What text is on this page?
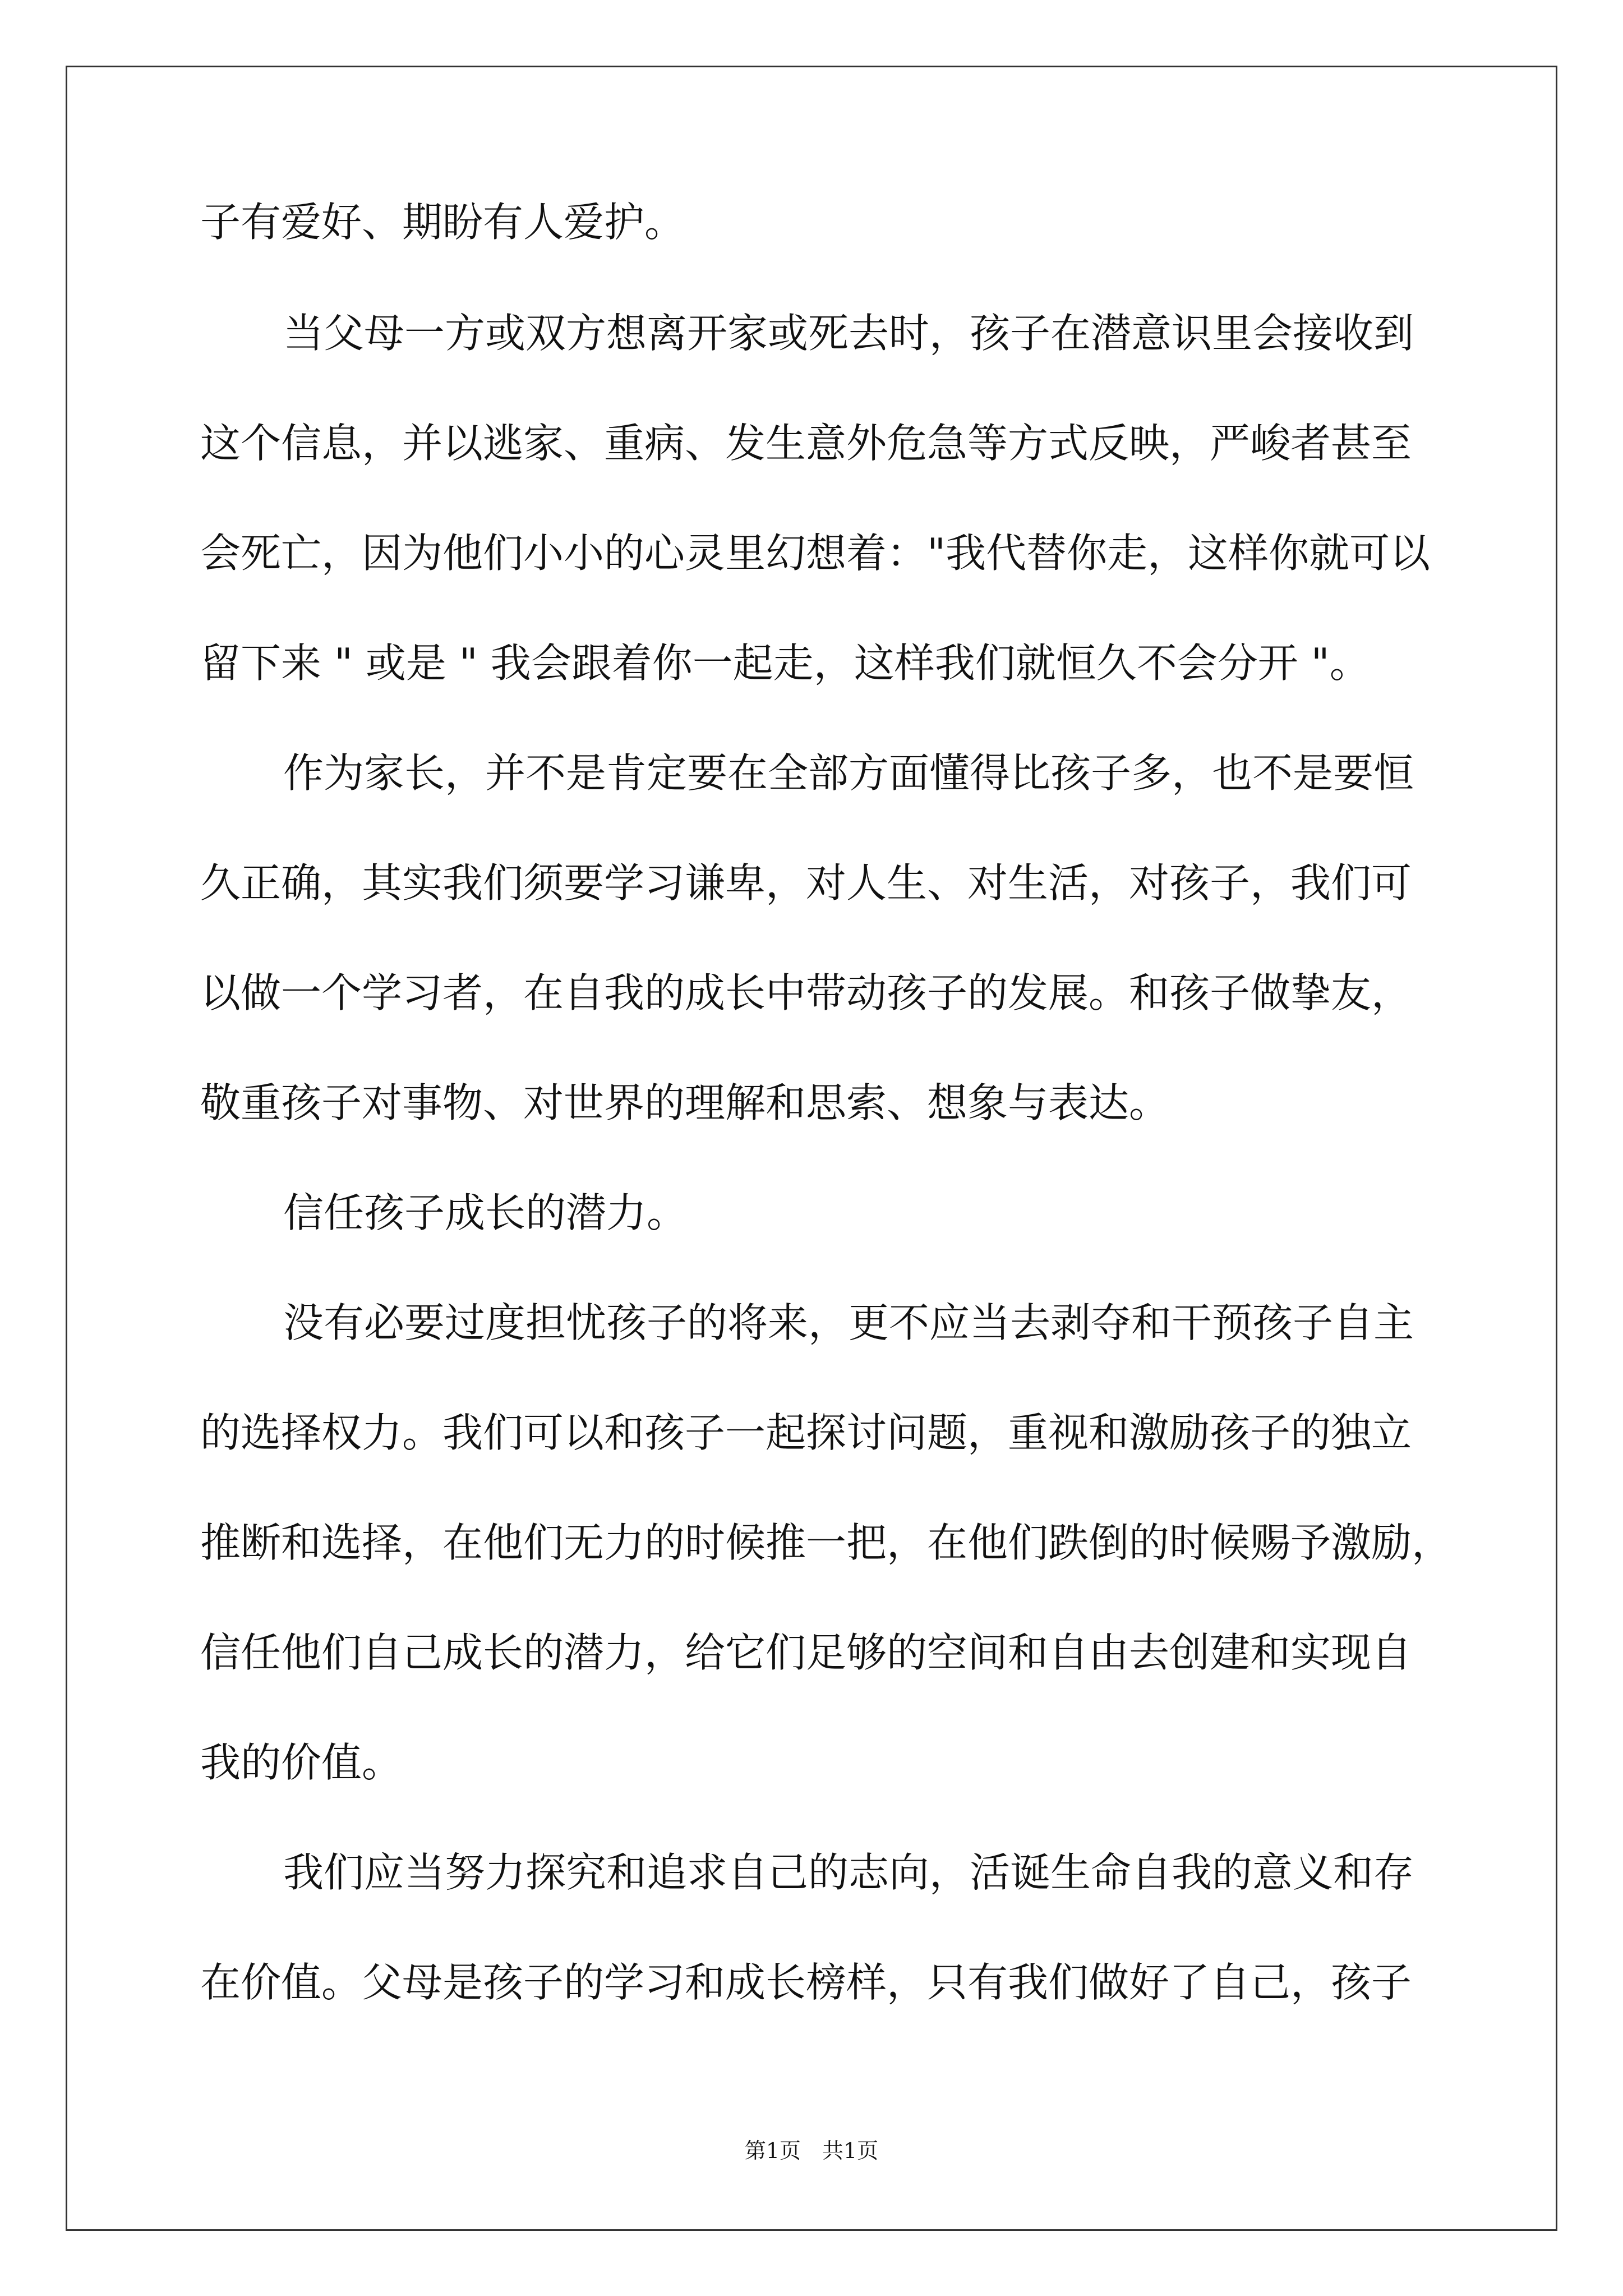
子有爱好、期盼有人爱护。
当父母一方或双方想离开家或死去时，孩子在潜意识里会接收到
这个信息，并以逃家、重病、发生意外危急等方式反映，严峻者甚至
会死亡，因为他们小小的心灵里幻想着："我代替你走，这样你就可以
留下来 " 或是 " 我会跟着你一起走，这样我们就恒久不会分开 "。
作为家长，并不是肯定要在全部方面懂得比孩子多，也不是要恒
久正确，其实我们须要学习谦卑，对人生、对生活，对孩子，我们可
以做一个学习者，在自我的成长中带动孩子的发展。和孩子做挚友，
敬重孩子对事物、对世界的理解和思索、想象与表达。
信任孩子成长的潜力。
没有必要过度担忧孩子的将来，更不应当去剥夺和干预孩子自主
的选择权力。我们可以和孩子一起探讨问题，重视和激励孩子的独立
推断和选择，在他们无力的时候推一把，在他们跌倒的时候赐予激励，
信任他们自己成长的潜力，给它们足够的空间和自由去创建和实现自
我的价值。
我们应当努力探究和追求自己的志向，活诞生命自我的意义和存
在价值。父母是孩子的学习和成长榜样，只有我们做好了自己，孩子
第1页　共1页
